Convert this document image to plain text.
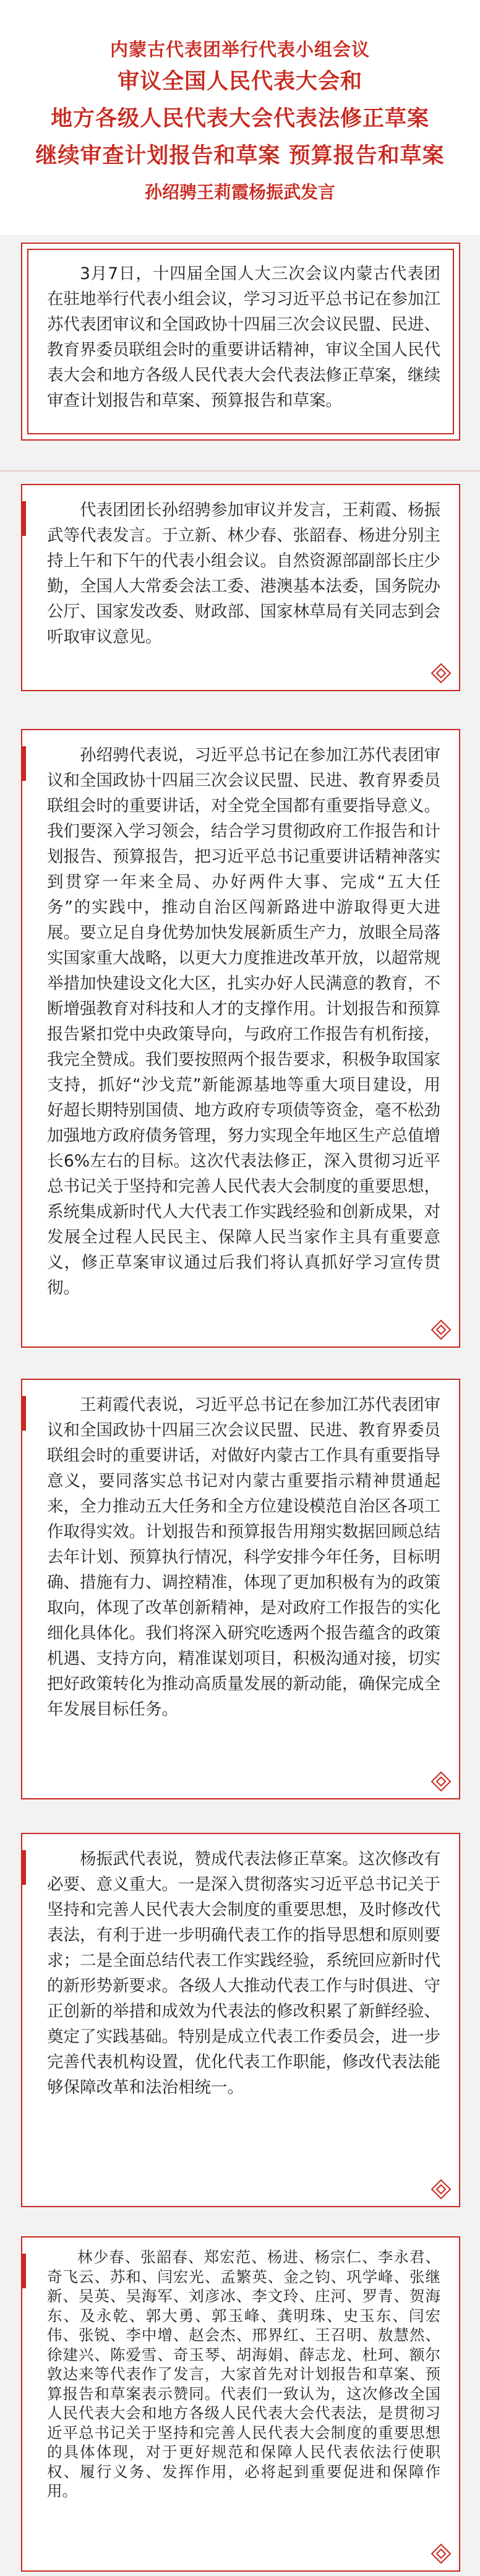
内蒙古代表团举行代表小组会议
审议全国人民代表大会和
地方各级人民代表大会代表法修正草案
继续审查计划报告和草案 预算报告和草案
孙绍骋王莉霞杨振武发言

3月7日，十四届全国人大三次会议内蒙古代表团在驻地举行代表小组会议，学习习近平总书记在参加江苏代表团审议和全国政协十四届三次会议民盟、民进、教育界委员联组会时的重要讲话精神，审议全国人民代表大会和地方各级人民代表大会代表法修正草案，继续审查计划报告和草案、预算报告和草案。

代表团团长孙绍骋参加审议并发言，王莉霞、杨振武等代表发言。于立新、林少春、张韶春、杨进分别主持上午和下午的代表小组会议。自然资源部副部长庄少勤，全国人大常委会法工委、港澳基本法委，国务院办公厅、国家发改委、财政部、国家林草局有关同志到会听取审议意见。

孙绍骋代表说，习近平总书记在参加江苏代表团审议和全国政协十四届三次会议民盟、民进、教育界委员联组会时的重要讲话，对全党全国都有重要指导意义。我们要深入学习领会，结合学习贯彻政府工作报告和计划报告、预算报告，把习近平总书记重要讲话精神落实到贯穿一年来全局、办好两件大事、完成“五大任务”的实践中，推动自治区闯新路进中游取得更大进展。要立足自身优势加快发展新质生产力，放眼全局落实国家重大战略，以更大力度推进改革开放，以超常规举措加快建设文化大区，扎实办好人民满意的教育，不断增强教育对科技和人才的支撑作用。计划报告和预算报告紧扣党中央政策导向，与政府工作报告有机衔接，我完全赞成。我们要按照两个报告要求，积极争取国家支持，抓好“沙戈荒”新能源基地等重大项目建设，用好超长期特别国债、地方政府专项债等资金，毫不松劲加强地方政府债务管理，努力实现全年地区生产总值增长6%左右的目标。这次代表法修正，深入贯彻习近平总书记关于坚持和完善人民代表大会制度的重要思想，系统集成新时代人大代表工作实践经验和创新成果，对发展全过程人民民主、保障人民当家作主具有重要意义，修正草案审议通过后我们将认真抓好学习宣传贯彻。

王莉霞代表说，习近平总书记在参加江苏代表团审议和全国政协十四届三次会议民盟、民进、教育界委员联组会时的重要讲话，对做好内蒙古工作具有重要指导意义，要同落实总书记对内蒙古重要指示精神贯通起来，全力推动五大任务和全方位建设模范自治区各项工作取得实效。计划报告和预算报告用翔实数据回顾总结去年计划、预算执行情况，科学安排今年任务，目标明确、措施有力、调控精准，体现了更加积极有为的政策取向，体现了改革创新精神，是对政府工作报告的实化细化具体化。我们将深入研究吃透两个报告蕴含的政策机遇、支持方向，精准谋划项目，积极沟通对接，切实把好政策转化为推动高质量发展的新动能，确保完成全年发展目标任务。

杨振武代表说，赞成代表法修正草案。这次修改有必要、意义重大。一是深入贯彻落实习近平总书记关于坚持和完善人民代表大会制度的重要思想，及时修改代表法，有利于进一步明确代表工作的指导思想和原则要求；二是全面总结代表工作实践经验，系统回应新时代的新形势新要求。各级人大推动代表工作与时俱进、守正创新的举措和成效为代表法的修改积累了新鲜经验、奠定了实践基础。特别是成立代表工作委员会，进一步完善代表机构设置，优化代表工作职能，修改代表法能够保障改革和法治相统一。

林少春、张韶春、郑宏范、杨进、杨宗仁、李永君、奇飞云、苏和、闫宏光、孟繁英、金之钧、巩学峰、张继新、吴英、吴海军、刘彦冰、李文玲、庄河、罗青、贺海东、及永乾、郭大勇、郭玉峰、龚明珠、史玉东、闫宏伟、张锐、李中增、赵会杰、邢界红、王召明、敖慧然、徐建兴、陈爱雪、奇玉琴、胡海娟、薛志龙、杜珂、额尔敦达来等代表作了发言，大家首先对计划报告和草案、预算报告和草案表示赞同。代表们一致认为，这次修改全国人民代表大会和地方各级人民代表大会代表法，是贯彻习近平总书记关于坚持和完善人民代表大会制度的重要思想的具体体现，对于更好规范和保障人民代表依法行使职权、履行义务、发挥作用，必将起到重要促进和保障作用。
